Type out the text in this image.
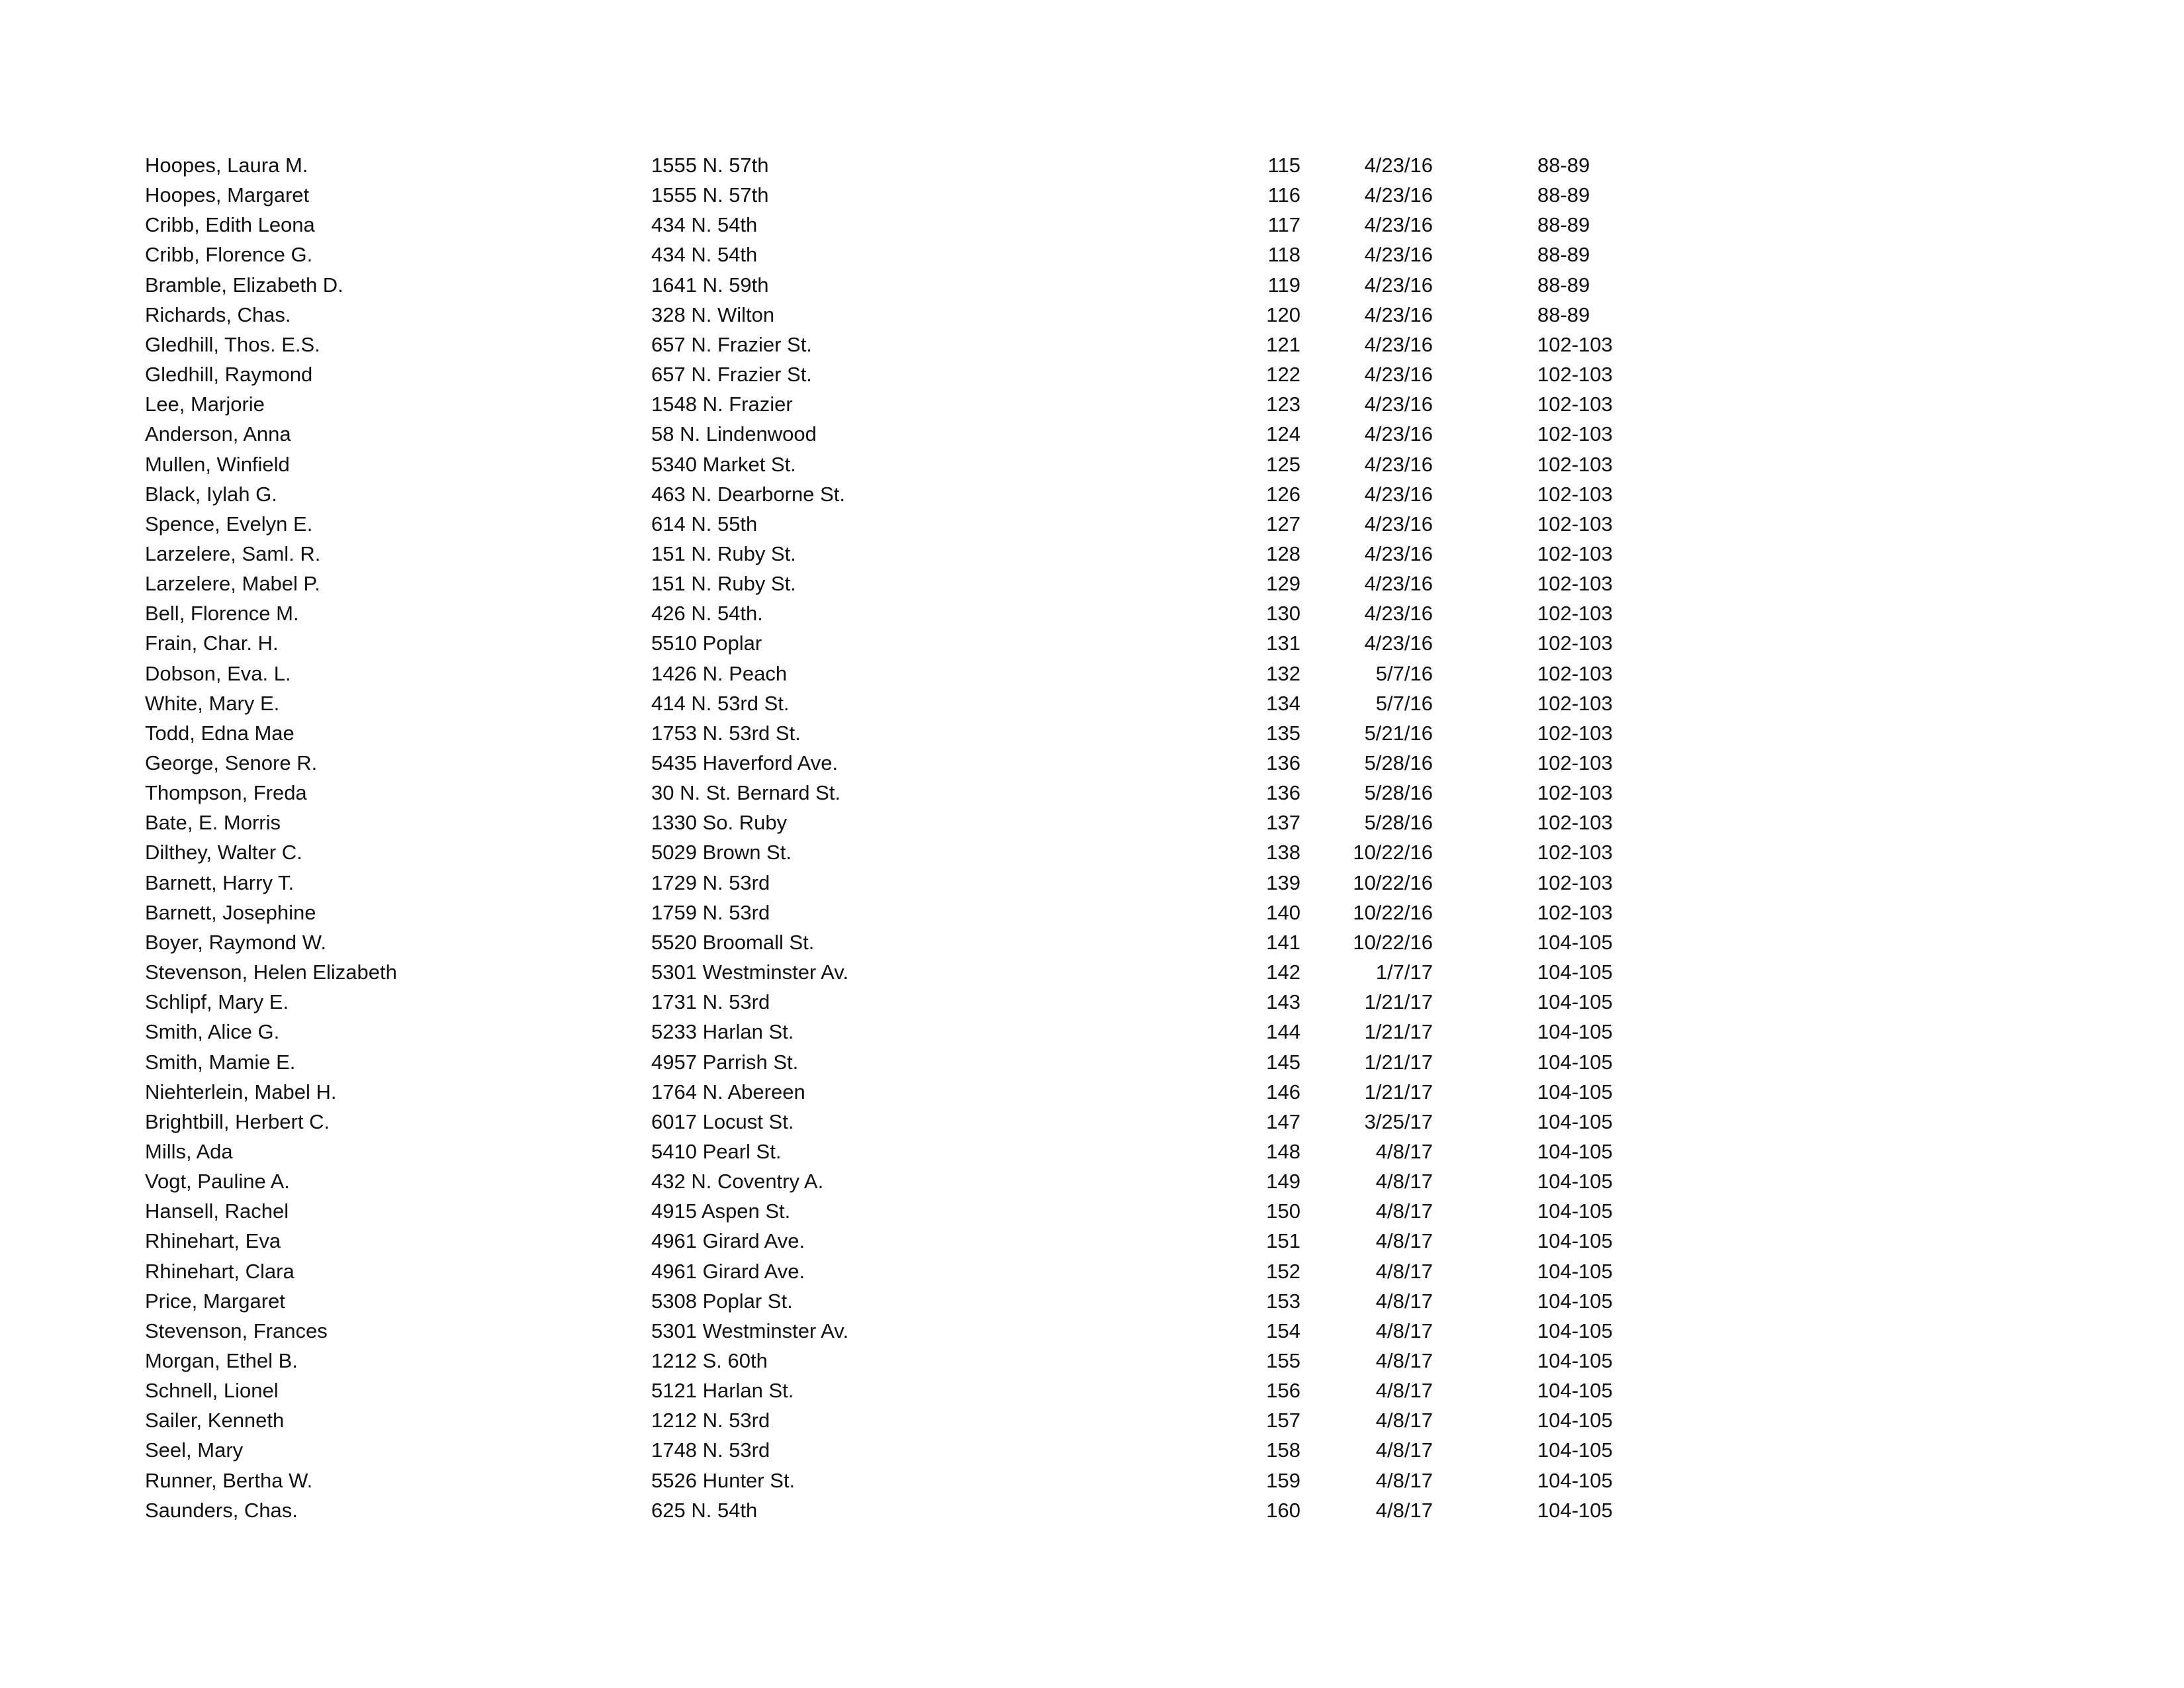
Hoopes, Laura M.	1555 N. 57th	115	4/23/16	88-89
Hoopes, Margaret	1555 N. 57th	116	4/23/16	88-89
Cribb, Edith Leona	434 N. 54th	117	4/23/16	88-89
Cribb, Florence G.	434 N. 54th	118	4/23/16	88-89
Bramble, Elizabeth D.	1641 N. 59th	119	4/23/16	88-89
Richards, Chas.	328 N. Wilton	120	4/23/16	88-89
Gledhill, Thos. E.S.	657 N. Frazier St.	121	4/23/16	102-103
Gledhill, Raymond	657 N. Frazier St.	122	4/23/16	102-103
Lee, Marjorie	1548 N. Frazier	123	4/23/16	102-103
Anderson, Anna	58 N. Lindenwood	124	4/23/16	102-103
Mullen, Winfield	5340 Market St.	125	4/23/16	102-103
Black, Iylah G.	463 N. Dearborne St.	126	4/23/16	102-103
Spence, Evelyn E.	614 N. 55th	127	4/23/16	102-103
Larzelere, Saml. R.	151 N. Ruby St.	128	4/23/16	102-103
Larzelere, Mabel P.	151 N. Ruby St.	129	4/23/16	102-103
Bell, Florence M.	426 N. 54th.	130	4/23/16	102-103
Frain, Char. H.	5510 Poplar	131	4/23/16	102-103
Dobson, Eva. L.	1426 N. Peach	132	5/7/16	102-103
White, Mary E.	414 N. 53rd St.	134	5/7/16	102-103
Todd, Edna Mae	1753 N. 53rd St.	135	5/21/16	102-103
George, Senore R.	5435 Haverford Ave.	136	5/28/16	102-103
Thompson, Freda	30 N. St. Bernard St.	136	5/28/16	102-103
Bate, E. Morris	1330 So. Ruby	137	5/28/16	102-103
Dilthey, Walter C.	5029 Brown St.	138	10/22/16	102-103
Barnett, Harry T.	1729 N. 53rd	139	10/22/16	102-103
Barnett, Josephine	1759 N. 53rd	140	10/22/16	102-103
Boyer, Raymond W.	5520 Broomall St.	141	10/22/16	104-105
Stevenson, Helen Elizabeth	5301 Westminster Av.	142	1/7/17	104-105
Schlipf, Mary E.	1731 N. 53rd	143	1/21/17	104-105
Smith, Alice G.	5233 Harlan St.	144	1/21/17	104-105
Smith, Mamie E.	4957 Parrish St.	145	1/21/17	104-105
Niehterlein, Mabel H.	1764 N. Abereen	146	1/21/17	104-105
Brightbill, Herbert C.	6017 Locust St.	147	3/25/17	104-105
Mills, Ada	5410 Pearl St.	148	4/8/17	104-105
Vogt, Pauline A.	432 N. Coventry A.	149	4/8/17	104-105
Hansell, Rachel	4915 Aspen St.	150	4/8/17	104-105
Rhinehart, Eva	4961 Girard Ave.	151	4/8/17	104-105
Rhinehart, Clara	4961 Girard Ave.	152	4/8/17	104-105
Price, Margaret	5308 Poplar St.	153	4/8/17	104-105
Stevenson, Frances	5301 Westminster Av.	154	4/8/17	104-105
Morgan, Ethel B.	1212 S. 60th	155	4/8/17	104-105
Schnell, Lionel	5121 Harlan St.	156	4/8/17	104-105
Sailer, Kenneth	1212 N. 53rd	157	4/8/17	104-105
Seel, Mary	1748 N. 53rd	158	4/8/17	104-105
Runner, Bertha W.	5526 Hunter St.	159	4/8/17	104-105
Saunders, Chas.	625 N. 54th	160	4/8/17	104-105
